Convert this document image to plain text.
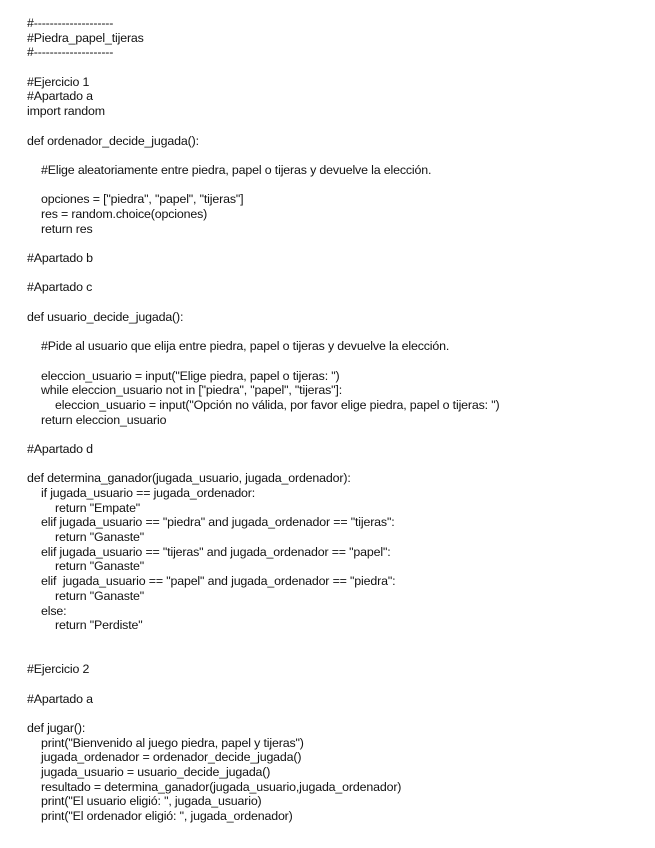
#--------------------
#Piedra_papel_tijeras
#--------------------
#Ejercicio 1
#Apartado a
import random
def ordenador_decide_jugada():
#Elige aleatoriamente entre piedra, papel o tijeras y devuelve la elección.
opciones = ["piedra", "papel", "tijeras"]
res = random.choice(opciones)
return res
#Apartado b
#Apartado c
def usuario_decide_jugada():
#Pide al usuario que elija entre piedra, papel o tijeras y devuelve la elección.
eleccion_usuario = input("Elige piedra, papel o tijeras: ")
while eleccion_usuario not in ["piedra", "papel", "tijeras"]:
eleccion_usuario = input("Opción no válida, por favor elige piedra, papel o tijeras: ")
return eleccion_usuario
#Apartado d
def determina_ganador(jugada_usuario, jugada_ordenador):
if jugada_usuario == jugada_ordenador:
return "Empate"
elif jugada_usuario == "piedra" and jugada_ordenador == "tijeras":
return "Ganaste"
elif jugada_usuario == "tijeras" and jugada_ordenador == "papel":
return "Ganaste"
elif  jugada_usuario == "papel" and jugada_ordenador == "piedra":
return "Ganaste"
else:
return "Perdiste"
#Ejercicio 2
#Apartado a
def jugar():
print("Bienvenido al juego piedra, papel y tijeras")
jugada_ordenador = ordenador_decide_jugada()
jugada_usuario = usuario_decide_jugada()
resultado = determina_ganador(jugada_usuario,jugada_ordenador)
print("El usuario eligió: ", jugada_usuario)
print("El ordenador eligió: ", jugada_ordenador)
